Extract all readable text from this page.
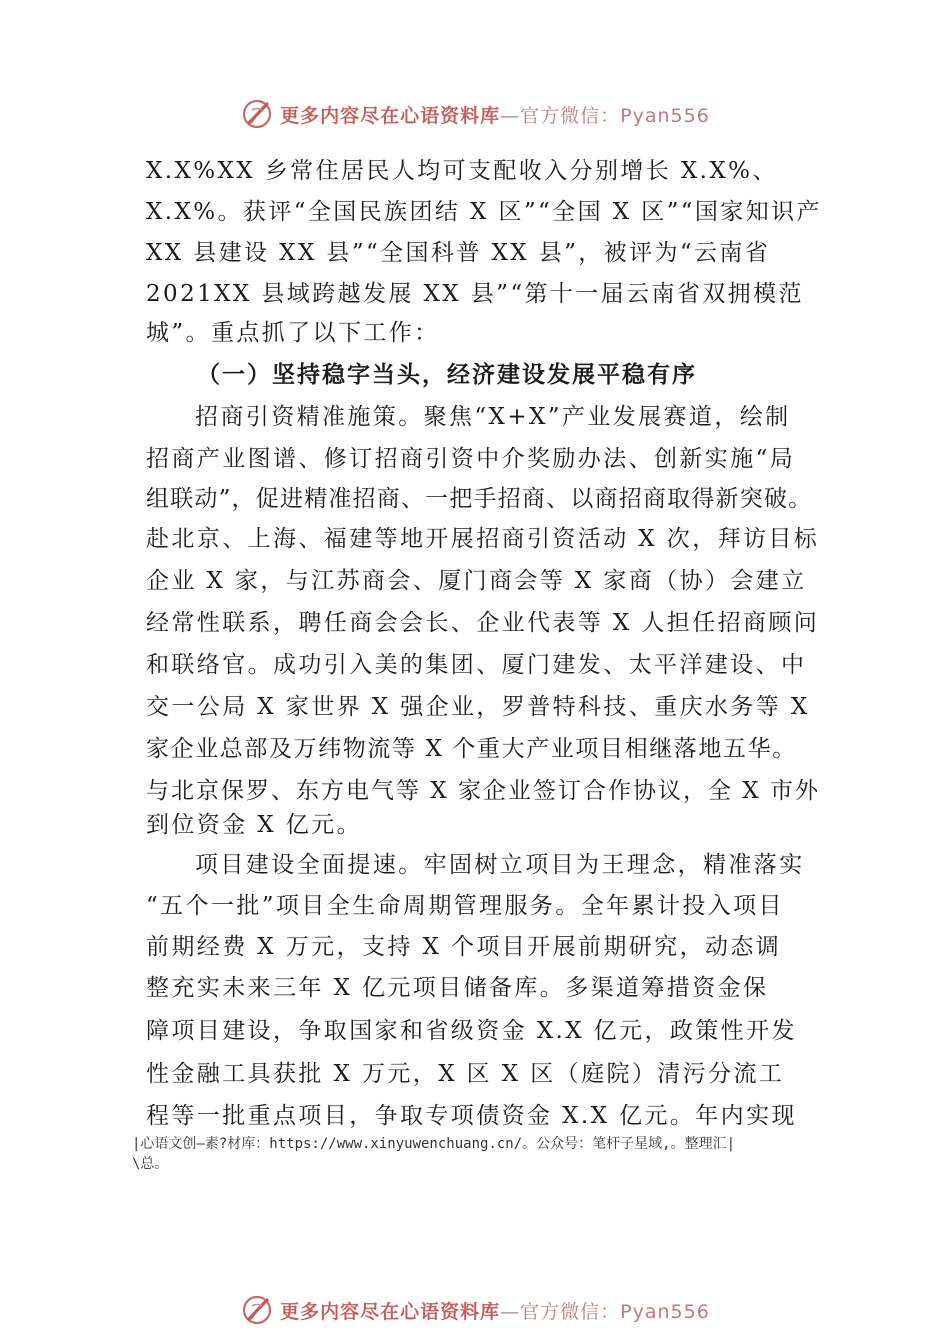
更多内容尽在心语资料库—官方微信：Pyan556
X.X%XX 乡常住居民人均可支配收入分别增长 X.X%、
X.X%。获评“全国民族团结 X 区”“全国 X 区”“国家知识产
XX 县建设 XX 县”“全国科普 XX 县”，被评为“云南省
2021XX 县域跨越发展 XX 县”“第十一届云南省双拥模范
城”。重点抓了以下工作：
（一）坚持稳字当头，经济建设发展平稳有序
招商引资精准施策。聚焦“X+X”产业发展赛道，绘制
招商产业图谱、修订招商引资中介奖励办法、创新实施“局
组联动”，促进精准招商、一把手招商、以商招商取得新突破。
赴北京、上海、福建等地开展招商引资活动 X 次，拜访目标
企业 X 家，与江苏商会、厦门商会等 X 家商（协）会建立
经常性联系，聘任商会会长、企业代表等 X 人担任招商顾问
和联络官。成功引入美的集团、厦门建发、太平洋建设、中
交一公局 X 家世界 X 强企业，罗普特科技、重庆水务等 X
家企业总部及万纬物流等 X 个重大产业项目相继落地五华。
与北京保罗、东方电气等 X 家企业签订合作协议，全 X 市外
到位资金 X 亿元。
项目建设全面提速。牢固树立项目为王理念，精准落实
“五个一批”项目全生命周期管理服务。全年累计投入项目
前期经费 X 万元，支持 X 个项目开展前期研究，动态调
整充实未来三年 X 亿元项目储备库。多渠道筹措资金保
障项目建设，争取国家和省级资金 X.X 亿元，政策性开发
性金融工具获批 X 万元，X 区 X 区（庭院）清污分流工
程等一批重点项目，争取专项债资金 X.X 亿元。年内实现
|心语文创—素?材库：https://www.xinyuwenchuang.cn/。公众号：笔杆子星域,。整理汇|
\总。
更多内容尽在心语资料库—官方微信：Pyan556
